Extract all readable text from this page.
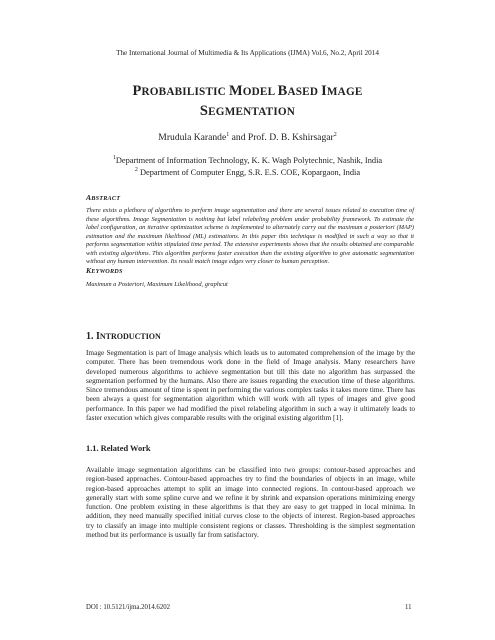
The International Journal of Multimedia & Its Applications (IJMA) Vol.6, No.2, April 2014
PROBABILISTIC MODEL BASED IMAGE
SEGMENTATION
Mrudula Karande$^1$ and Prof. D. B. Kshirsagar$^2$
$^1$Department of Information Technology, K. K. Wagh Polytechnic, Nashik, India
$^2$ Department of Computer Engg, S.R. E.S. COE, Kopargaon, India
ABSTRACT
There exists a plethora of algorithms to perform image segmentation and there are several issues related to execution time of these algorithms. Image Segmentation is nothing but label relabeling problem under probability framework. To estimate the label configuration, an iterative optimization scheme is implemented to alternately carry out the maximum a posteriori (MAP) estimation and the maximum likelihood (ML) estimations. In this paper this technique is modified in such a way so that it performs segmentation within stipulated time period. The extensive experiments shows that the results obtained are comparable with existing algorithms. This algorithm performs faster execution than the existing algorithm to give automatic segmentation without any human intervention. Its result match image edges very closer to human perception.
KEYWORDS
Maximum a Posteriori, Maximum Likelihood, graphcut
1. INTRODUCTION
Image Segmentation is part of Image analysis which leads us to automated comprehension of the image by the computer. There has been tremendous work done in the field of Image analysis. Many researchers have developed numerous algorithms to achieve segmentation but till this date no algorithm has surpassed the segmentation performed by the humans. Also there are issues regarding the execution time of these algorithms. Since tremendous amount of time is spent in performing the various complex tasks it takes more time. There has been always a quest for segmentation algorithm which will work with all types of images and give good performance. In this paper we had modified the pixel relabeling algorithm in such a way it ultimately leads to faster execution which gives comparable results with the original existing algorithm [1].
1.1. Related Work
Available image segmentation algorithms can be classified into two groups: contour-based approaches and region-based approaches. Contour-based approaches try to find the boundaries of objects in an image, while region-based approaches attempt to split an image into connected regions. In contour-based approach we generally start with some spline curve and we refine it by shrink and expansion operations minimizing energy function. One problem existing in these algorithms is that they are easy to get trapped in local minima. In addition, they need manually specified initial curves close to the objects of interest. Region-based approaches try to classify an image into multiple consistent regions or classes. Thresholding is the simplest segmentation method but its performance is usually far from satisfactory.
DOI : 10.5121/ijma.2014.6202	11
